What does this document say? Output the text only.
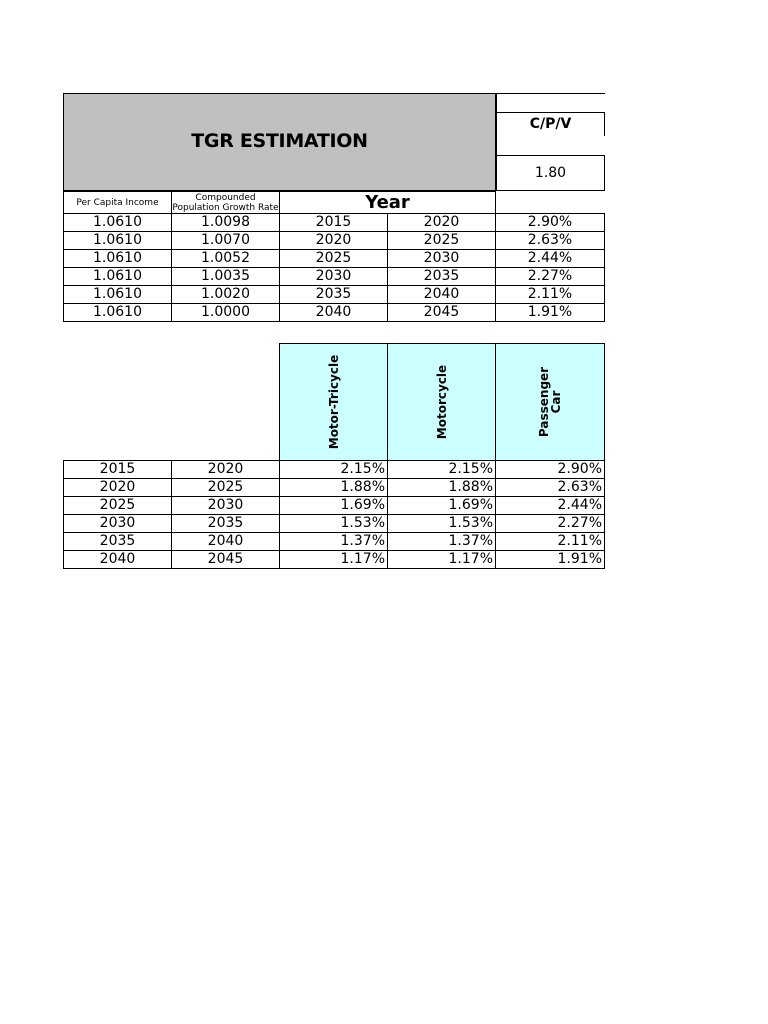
TGR ESTIMATION
C/P/V
1.80
Per Capita Income	Compounded Population Growth Rate	Year		
1.0610	1.0098	2015	2020	2.90%
1.0610	1.0070	2020	2025	2.63%
1.0610	1.0052	2025	2030	2.44%
1.0610	1.0035	2030	2035	2.27%
1.0610	1.0020	2035	2040	2.11%
1.0610	1.0000	2040	2045	1.91%

		Motor-Tricycle	Motorcycle	Passenger
Car

2015	2020	2.15%	2.15%	2.90%
2020	2025	1.88%	1.88%	2.63%
2025	2030	1.69%	1.69%	2.44%
2030	2035	1.53%	1.53%	2.27%
2035	2040	1.37%	1.37%	2.11%
2040	2045	1.17%	1.17%	1.91%
